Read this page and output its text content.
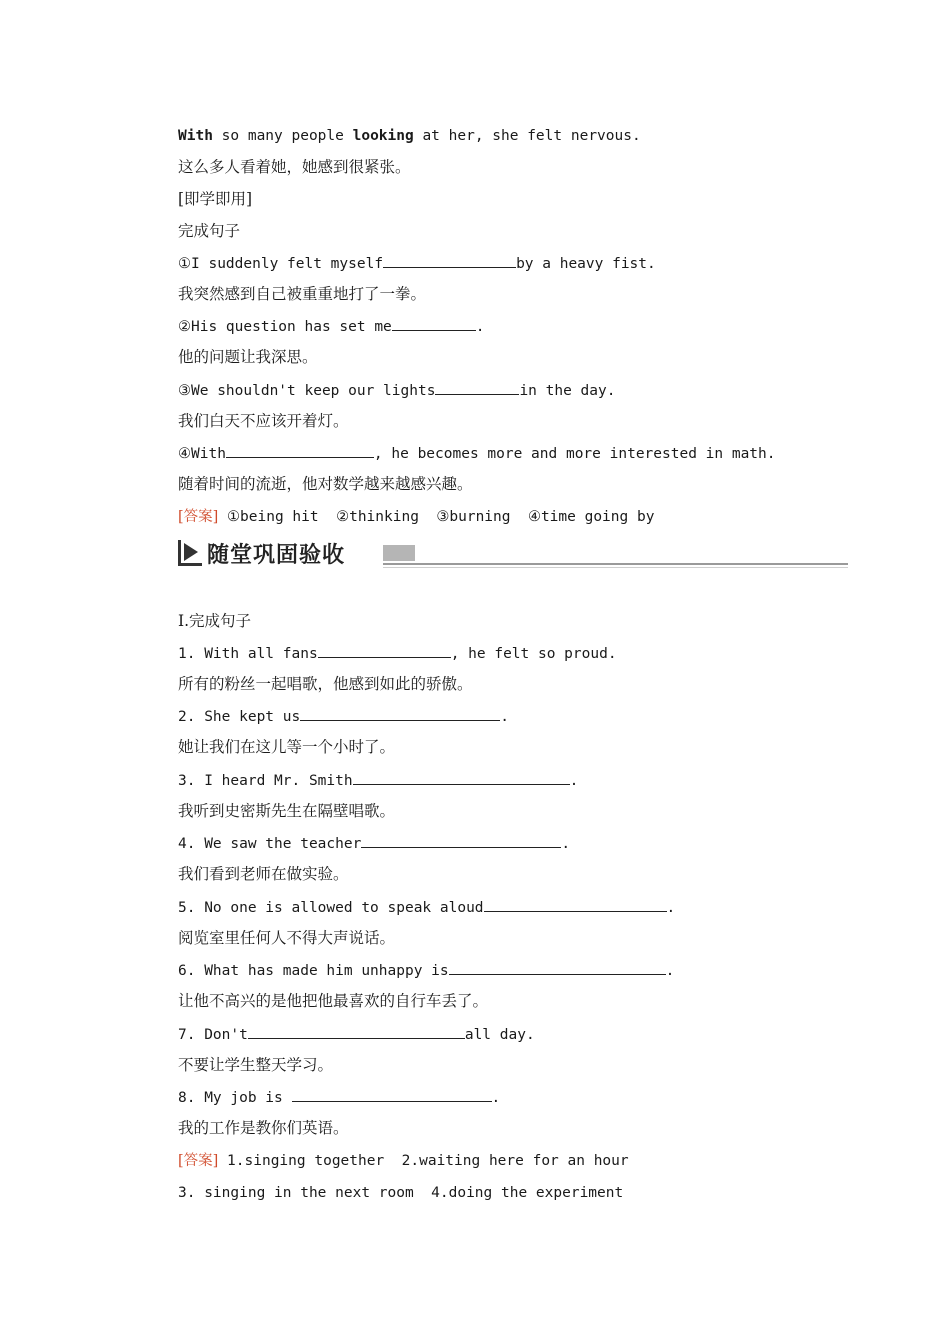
With so many people looking at her, she felt nervous.
这么多人看着她，她感到很紧张。
[即学即用]
完成句子
①I suddenly felt myself	by a heavy fist.
我突然感到自己被重重地打了一拳。
②His question has set me	.
他的问题让我深思。
③We shouldn't keep our lights	in the day.
我们白天不应该开着灯。
④With	, he becomes more and more interested in math.
随着时间的流逝，他对数学越来越感兴趣。
[答案] ①being hit  ②thinking  ③burning  ④time going by
随堂巩固验收
Ⅰ.完成句子
1. With all fans	, he felt so proud.
所有的粉丝一起唱歌，他感到如此的骄傲。
2. She kept us	.
她让我们在这儿等一个小时了。
3. I heard Mr. Smith	.
我听到史密斯先生在隔壁唱歌。
4. We saw the teacher	.
我们看到老师在做实验。
5. No one is allowed to speak aloud	.
阅览室里任何人不得大声说话。
6. What has made him unhappy is	.
让他不高兴的是他把他最喜欢的自行车丢了。
7. Don't	all day.
不要让学生整天学习。
8. My job is	.
我的工作是教你们英语。
[答案] 1.singing together  2.waiting here for an hour
3. singing in the next room  4.doing the experiment
